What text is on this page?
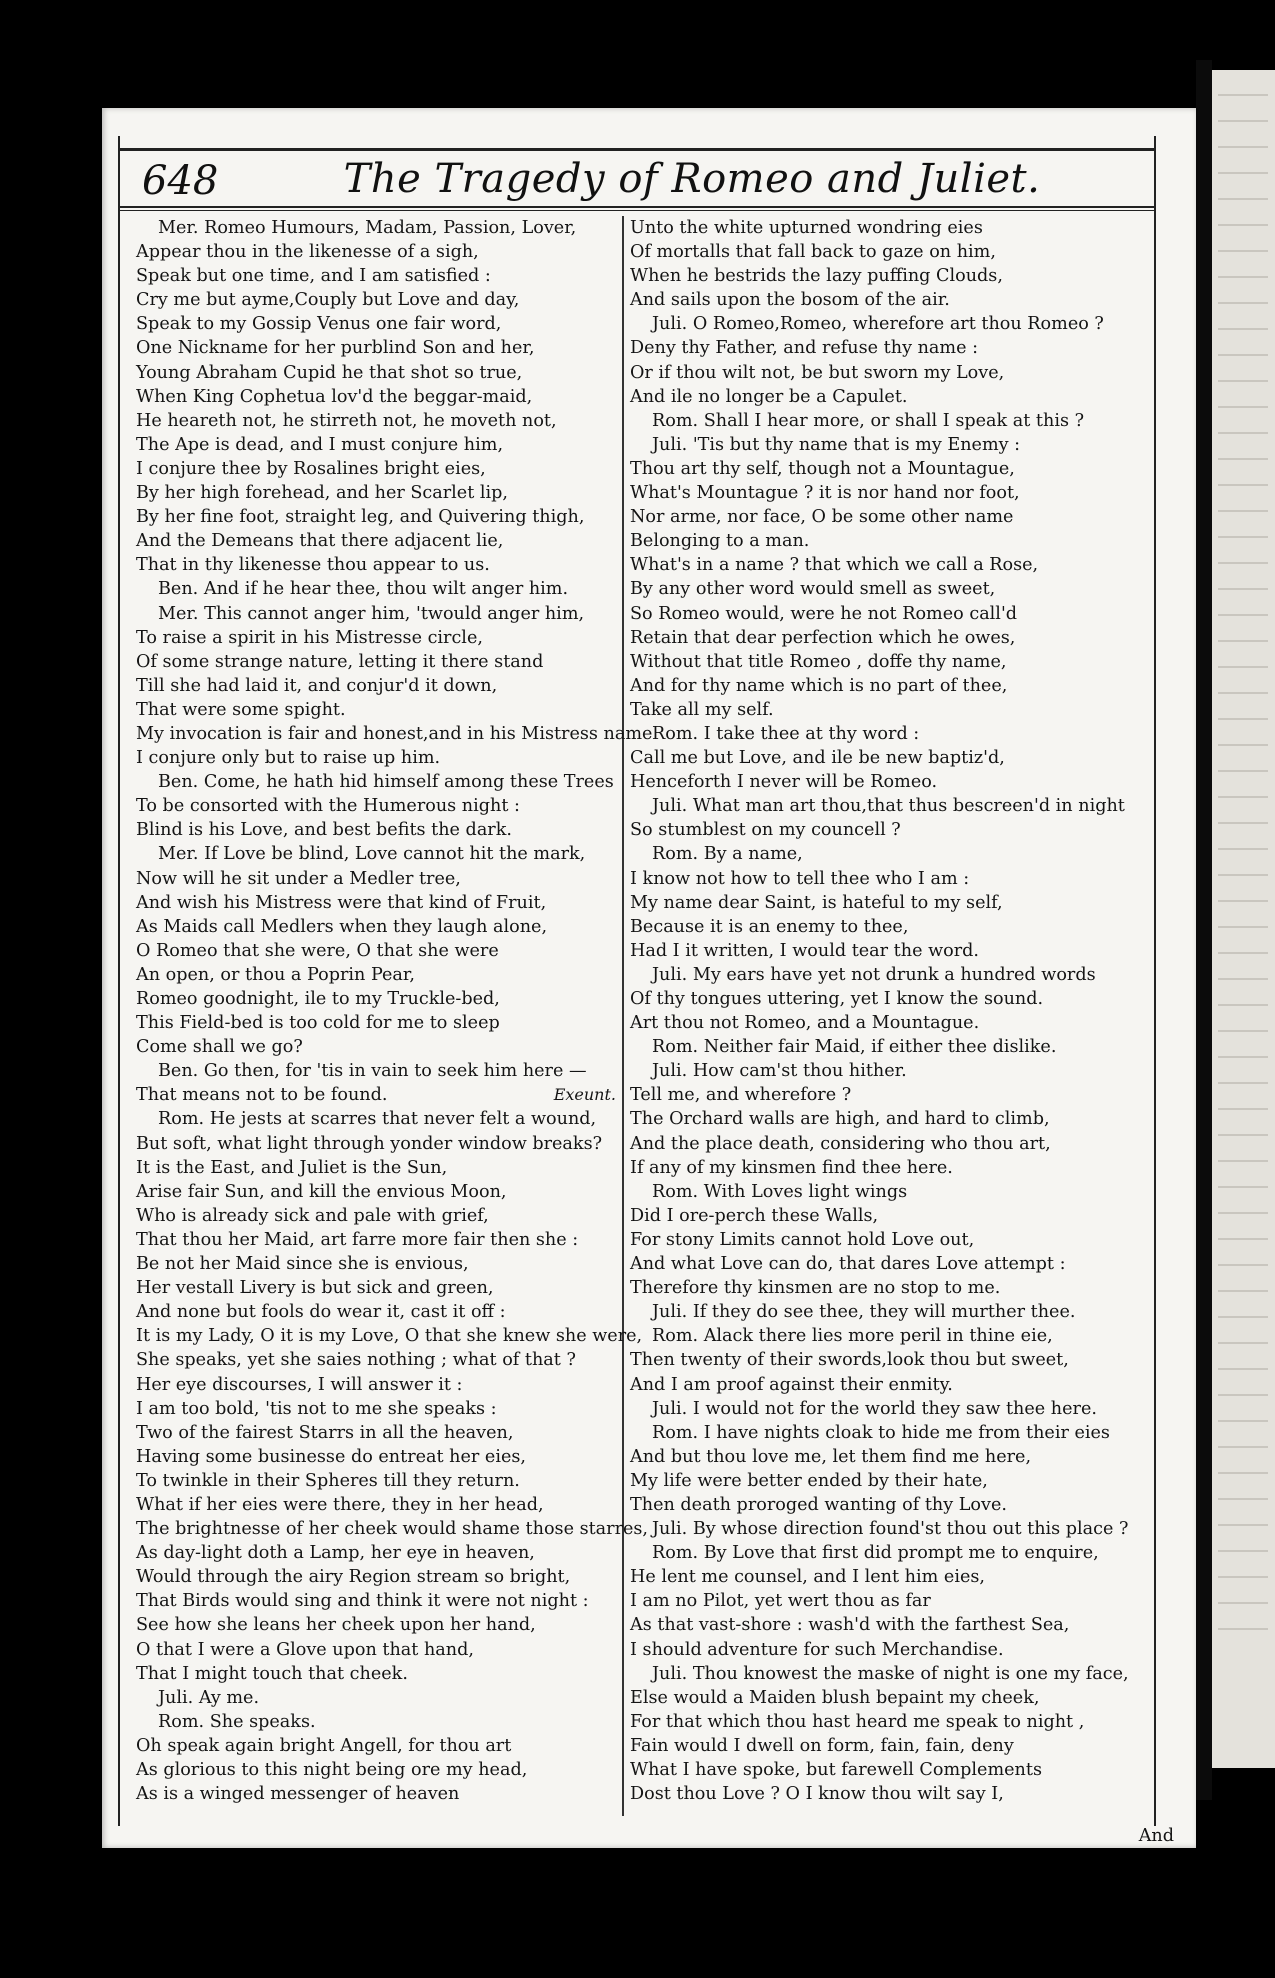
648	The Tragedy of Romeo and Juliet.
Mer. Romeo Humours, Madam, Passion, Lover,
Appear thou in the likenesse of a sigh,
Speak but one time, and I am satisfied :
Cry me but ayme,Couply but Love and day,
Speak to my Gossip Venus one fair word,
One Nickname for her purblind Son and her,
Young Abraham Cupid he that shot so true,
When King Cophetua lov'd the beggar-maid,
He heareth not, he stirreth not, he moveth not,
The Ape is dead, and I must conjure him,
I conjure thee by Rosalines bright eies,
By her high forehead, and her Scarlet lip,
By her fine foot, straight leg, and Quivering thigh,
And the Demeans that there adjacent lie,
That in thy likenesse thou appear to us.
Ben. And if he hear thee, thou wilt anger him.
Mer. This cannot anger him, 'twould anger him,
To raise a spirit in his Mistresse circle,
Of some strange nature, letting it there stand
Till she had laid it, and conjur'd it down,
That were some spight.
My invocation is fair and honest,and in his Mistress name
I conjure only but to raise up him.
Ben. Come, he hath hid himself among these Trees
To be consorted with the Humerous night :
Blind is his Love, and best befits the dark.
Mer. If Love be blind, Love cannot hit the mark,
Now will he sit under a Medler tree,
And wish his Mistress were that kind of Fruit,
As Maids call Medlers when they laugh alone,
O Romeo that she were, O that she were
An open, or thou a Poprin Pear,
Romeo goodnight, ile to my Truckle-bed,
This Field-bed is too cold for me to sleep
Come shall we go?
Ben. Go then, for 'tis in vain to seek him here —
That means not to be found.	Exeunt.
Rom. He jests at scarres that never felt a wound,
But soft, what light through yonder window breaks?
It is the East, and Juliet is the Sun,
Arise fair Sun, and kill the envious Moon,
Who is already sick and pale with grief,
That thou her Maid, art farre more fair then she :
Be not her Maid since she is envious,
Her vestall Livery is but sick and green,
And none but fools do wear it, cast it off :
It is my Lady, O it is my Love, O that she knew she were,
She speaks, yet she saies nothing ; what of that ?
Her eye discourses, I will answer it :
I am too bold, 'tis not to me she speaks :
Two of the fairest Starrs in all the heaven,
Having some businesse do entreat her eies,
To twinkle in their Spheres till they return.
What if her eies were there, they in her head,
The brightnesse of her cheek would shame those starres,
As day-light doth a Lamp, her eye in heaven,
Would through the airy Region stream so bright,
That Birds would sing and think it were not night :
See how she leans her cheek upon her hand,
O that I were a Glove upon that hand,
That I might touch that cheek.
Juli. Ay me.
Rom. She speaks.
Oh speak again bright Angell, for thou art
As glorious to this night being ore my head,
As is a winged messenger of heaven
Unto the white upturned wondring eies
Of mortalls that fall back to gaze on him,
When he bestrids the lazy puffing Clouds,
And sails upon the bosom of the air.
Juli. O Romeo,Romeo, wherefore art thou Romeo ?
Deny thy Father, and refuse thy name :
Or if thou wilt not, be but sworn my Love,
And ile no longer be a Capulet.
Rom. Shall I hear more, or shall I speak at this ?
Juli. 'Tis but thy name that is my Enemy :
Thou art thy self, though not a Mountague,
What's Mountague ? it is nor hand nor foot,
Nor arme, nor face, O be some other name
Belonging to a man.
What's in a name ? that which we call a Rose,
By any other word would smell as sweet,
So Romeo would, were he not Romeo call'd
Retain that dear perfection which he owes,
Without that title Romeo , doffe thy name,
And for thy name which is no part of thee,
Take all my self.
Rom. I take thee at thy word :
Call me but Love, and ile be new baptiz'd,
Henceforth I never will be Romeo.
Juli. What man art thou,that thus bescreen'd in night
So stumblest on my councell ?
Rom. By a name,
I know not how to tell thee who I am :
My name dear Saint, is hateful to my self,
Because it is an enemy to thee,
Had I it written, I would tear the word.
Juli. My ears have yet not drunk a hundred words
Of thy tongues uttering, yet I know the sound.
Art thou not Romeo, and a Mountague.
Rom. Neither fair Maid, if either thee dislike.
Juli. How cam'st thou hither.
Tell me, and wherefore ?
The Orchard walls are high, and hard to climb,
And the place death, considering who thou art,
If any of my kinsmen find thee here.
Rom. With Loves light wings
Did I ore-perch these Walls,
For stony Limits cannot hold Love out,
And what Love can do, that dares Love attempt :
Therefore thy kinsmen are no stop to me.
Juli. If they do see thee, they will murther thee.
Rom. Alack there lies more peril in thine eie,
Then twenty of their swords,look thou but sweet,
And I am proof against their enmity.
Juli. I would not for the world they saw thee here.
Rom. I have nights cloak to hide me from their eies
And but thou love me, let them find me here,
My life were better ended by their hate,
Then death proroged wanting of thy Love.
Juli. By whose direction found'st thou out this place ?
Rom. By Love that first did prompt me to enquire,
He lent me counsel, and I lent him eies,
I am no Pilot, yet wert thou as far
As that vast-shore : wash'd with the farthest Sea,
I should adventure for such Merchandise.
Juli. Thou knowest the maske of night is one my face,
Else would a Maiden blush bepaint my cheek,
For that which thou hast heard me speak to night ,
Fain would I dwell on form, fain, fain, deny
What I have spoke, but farewell Complements
Dost thou Love ? O I know thou wilt say I,
And
